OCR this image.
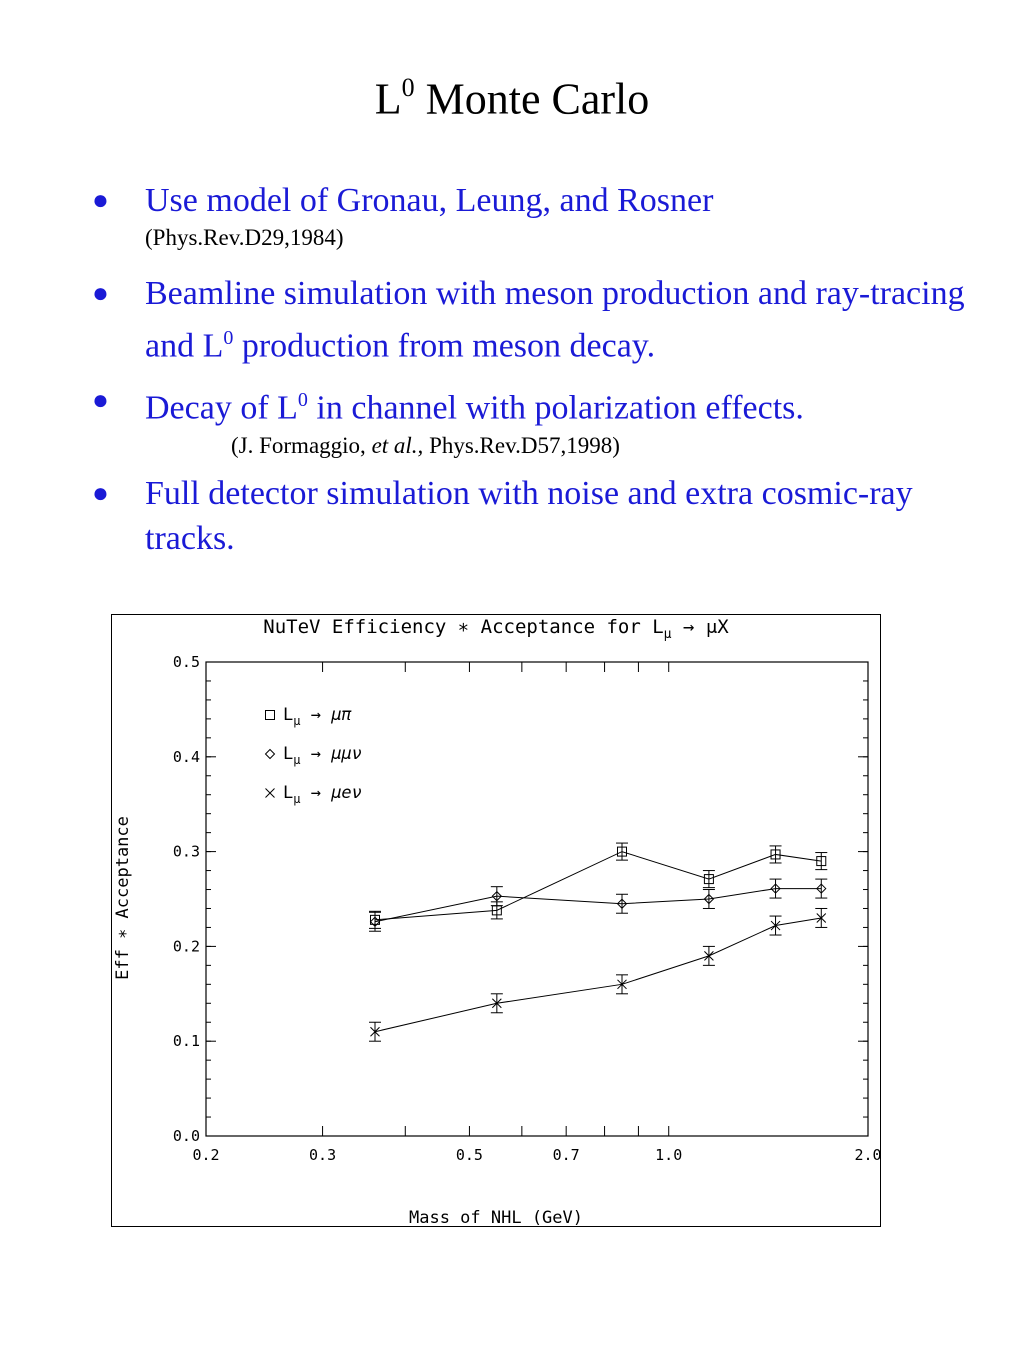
$L^0$ Monte Carlo
● Use model of Gronau, Leung, and Rosner
(Phys.Rev.D29,1984)
● Beamline simulation with meson production and ray-tracing and $L^0$ production from meson decay.
● Decay of $L^0$ in channel with polarization effects.
(J. Formaggio, et al., Phys.Rev.D57,1998)
● Full detector simulation with noise and extra cosmic-ray tracks.
NuTeV Efficiency ∗ Acceptance for $L_\mu \to \mu X$
Mass of NHL (GeV)
Eff ∗ Acceptance
0.0
0.1
0.2
0.3
0.4
0.5
0.2	0.3	0.5	0.7	1.0	2.0
$L_\mu \to \mu\pi$
$L_\mu \to \mu\mu\nu$
$L_\mu \to \mu e\nu$
